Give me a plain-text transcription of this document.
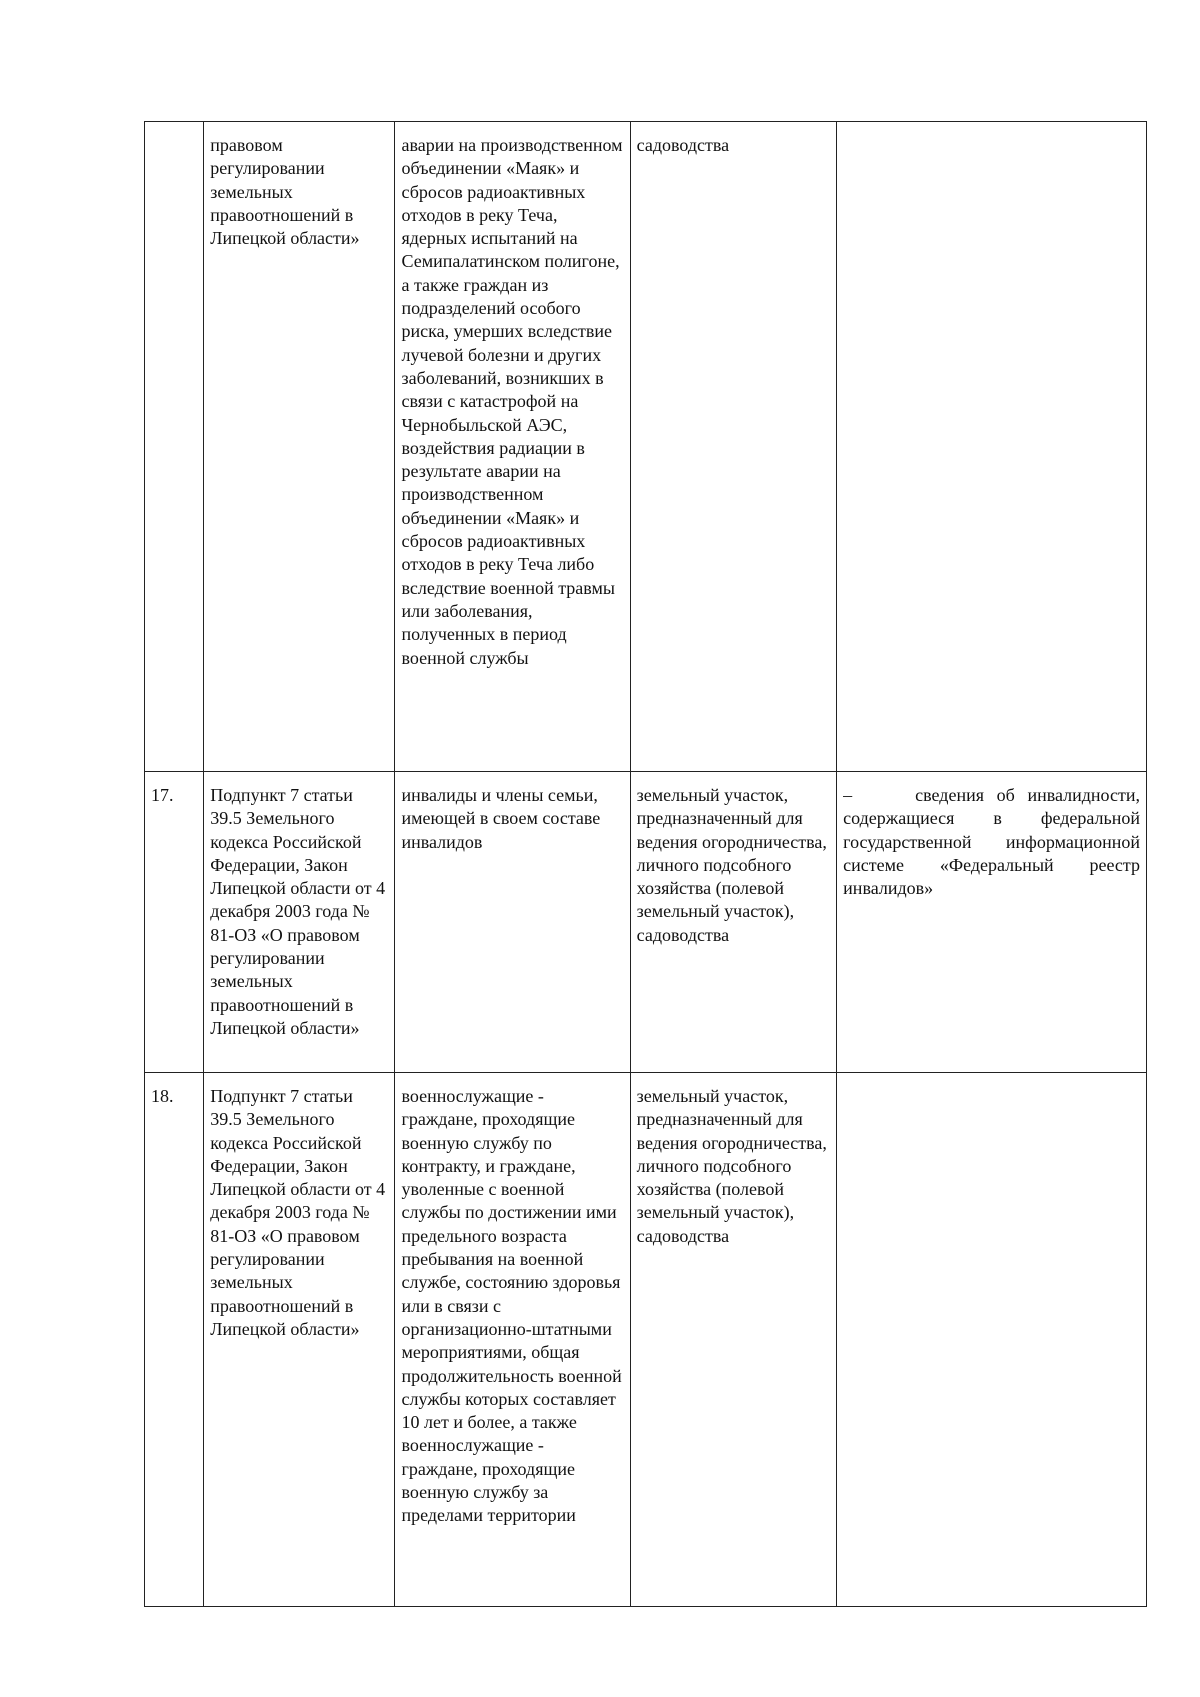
	правовом регулировании земельных правоотношений в Липецкой области»	аварии на производственном объединении «Маяк» и сбросов радиоактивных отходов в реку Теча, ядерных испытаний на Семипалатинском полигоне, а также граждан из подразделений особого риска, умерших вследствие лучевой болезни и других заболеваний, возникших в связи с катастрофой на Чернобыльской АЭС, воздействия радиации в результате аварии на производственном объединении «Маяк» и сбросов радиоактивных отходов в реку Теча либо вследствие военной травмы или заболевания, полученных в период военной службы	садоводства	
17.	Подпункт 7 статьи 39.5 Земельного кодекса Российской Федерации, Закон Липецкой области от 4 декабря 2003 года № 81-ОЗ «О правовом регулировании земельных правоотношений в Липецкой области»	инвалиды и члены семьи, имеющей в своем составе инвалидов	земельный участок, предназначенный для ведения огородничества, личного подсобного хозяйства (полевой земельный участок), садоводства	– сведения об инвалидности, содержащиеся в федеральной государственной информационной системе «Федеральный реестр инвалидов»
18.	Подпункт 7 статьи 39.5 Земельного кодекса Российской Федерации, Закон Липецкой области от 4 декабря 2003 года № 81-ОЗ «О правовом регулировании земельных правоотношений в Липецкой области»	военнослужащие - граждане, проходящие военную службу по контракту, и граждане, уволенные с военной службы по достижении ими предельного возраста пребывания на военной службе, состоянию здоровья или в связи с организационно-штатными мероприятиями, общая продолжительность военной службы которых составляет 10 лет и более, а также военнослужащие - граждане, проходящие военную службу за пределами территории	земельный участок, предназначенный для ведения огородничества, личного подсобного хозяйства (полевой земельный участок), садоводства	
